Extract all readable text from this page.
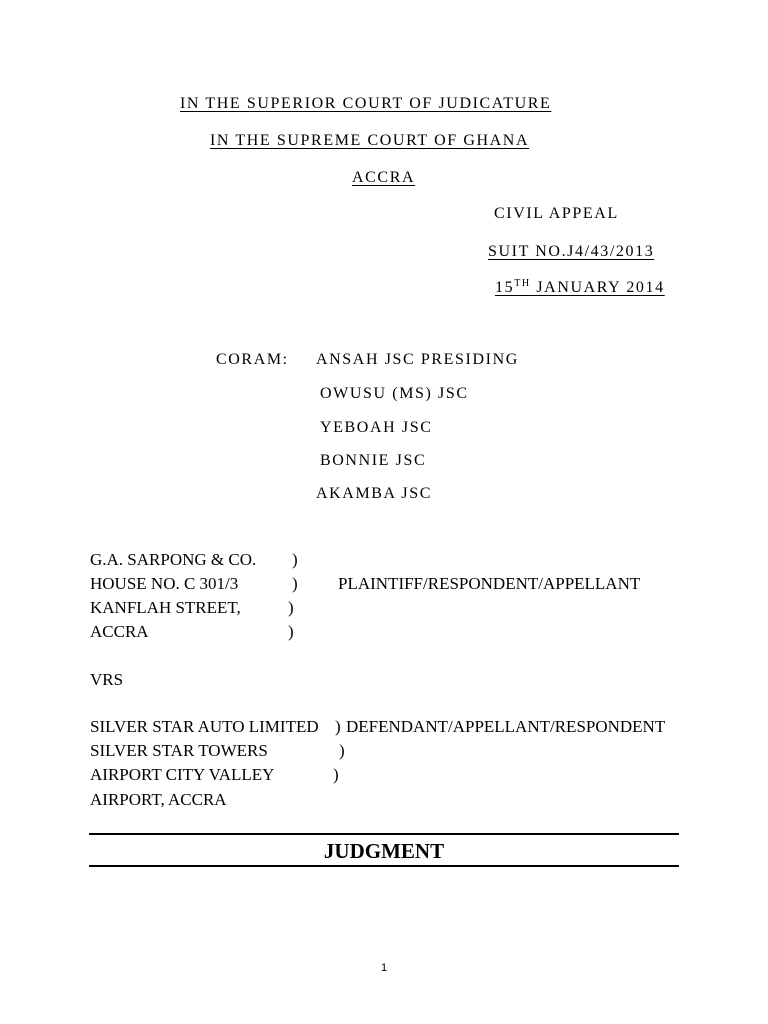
IN THE SUPERIOR COURT OF JUDICATURE
IN THE SUPREME COURT OF GHANA
ACCRA
CIVIL APPEAL
SUIT NO.J4/43/2013
15TH JANUARY 2014
CORAM: ANSAH JSC PRESIDING
OWUSU (MS) JSC
YEBOAH JSC
BONNIE JSC
AKAMBA JSC
G.A. SARPONG & CO. )
HOUSE NO. C 301/3	) PLAINTIFF/RESPONDENT/APPELLANT
KANFLAH STREET,	)
ACCRA	)
VRS
SILVER STAR AUTO LIMITED ) DEFENDANT/APPELLANT/RESPONDENT
SILVER STAR TOWERS	)
AIRPORT CITY VALLEY	)
AIRPORT, ACCRA
JUDGMENT
1
